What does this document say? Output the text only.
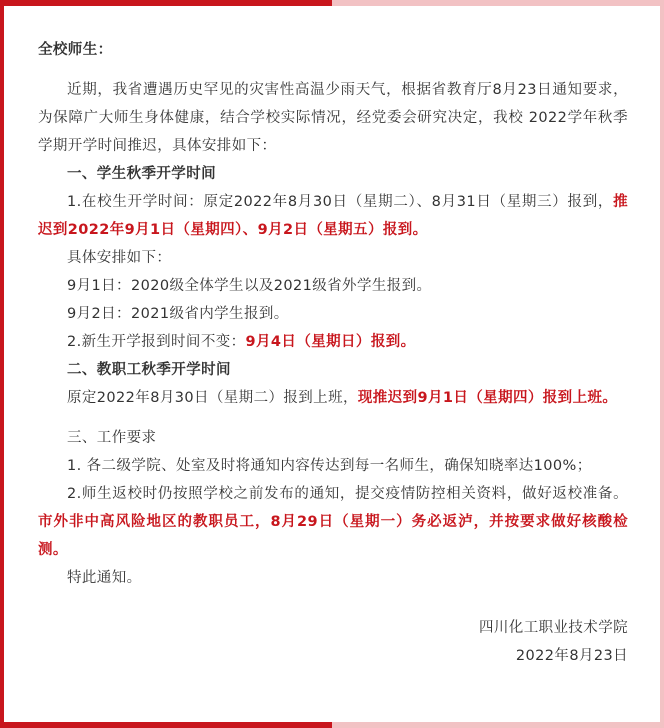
全校师生：

近期，我省遭遇历史罕见的灾害性高温少雨天气，根据省教育厅8月23日通知要求，为保障广大师生身体健康，结合学校实际情况，经党委会研究决定，我校 2022学年秋季学期开学时间推迟，具体安排如下：

一、学生秋季开学时间

1.在校生开学时间：原定2022年8月30日（星期二）、8月31日（星期三）报到，推迟到2022年9月1日（星期四）、9月2日（星期五）报到。

具体安排如下：

9月1日：2020级全体学生以及2021级省外学生报到。

9月2日：2021级省内学生报到。

2.新生开学报到时间不变：9月4日（星期日）报到。

二、教职工秋季开学时间

原定2022年8月30日（星期二）报到上班，现推迟到9月1日（星期四）报到上班。

三、工作要求

1. 各二级学院、处室及时将通知内容传达到每一名师生，确保知晓率达100%；

2.师生返校时仍按照学校之前发布的通知，提交疫情防控相关资料，做好返校准备。市外非中高风险地区的教职员工，8月29日（星期一）务必返泸，并按要求做好核酸检测。

特此通知。

四川化工职业技术学院

2022年8月23日
